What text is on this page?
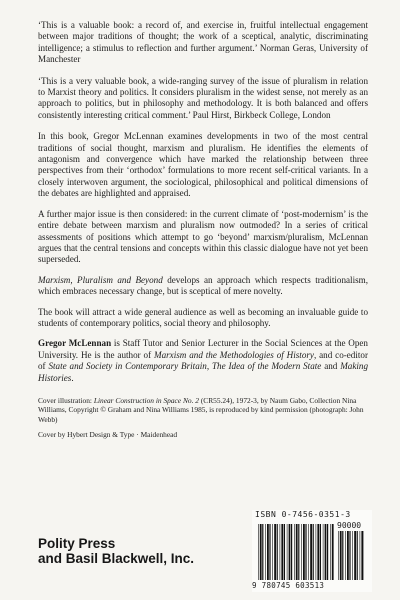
‘This is a valuable book: a record of, and exercise in, fruitful intellectual engagement between major traditions of thought; the work of a sceptical, analytic, discriminating intelligence; a stimulus to reflection and further argument.’ Norman Geras, University of Manchester

‘This is a very valuable book, a wide-ranging survey of the issue of pluralism in relation to Marxist theory and politics. It considers pluralism in the widest sense, not merely as an approach to politics, but in philosophy and methodology. It is both balanced and offers consistently interesting critical comment.’ Paul Hirst, Birkbeck College, London

In this book, Gregor McLennan examines developments in two of the most central traditions of social thought, marxism and pluralism. He identifies the elements of antagonism and convergence which have marked the relationship between three perspectives from their ‘orthodox’ formulations to more recent self-critical variants. In a closely interwoven argument, the sociological, philosophical and political dimensions of the debates are highlighted and appraised.

A further major issue is then considered: in the current climate of ‘post-modernism’ is the entire debate between marxism and pluralism now outmoded? In a series of critical assessments of positions which attempt to go ‘beyond’ marxism/pluralism, McLennan argues that the central tensions and concepts within this classic dialogue have not yet been superseded.

Marxism, Pluralism and Beyond develops an approach which respects traditionalism, which embraces necessary change, but is sceptical of mere novelty.

The book will attract a wide general audience as well as becoming an invaluable guide to students of contemporary politics, social theory and philosophy.

Gregor McLennan is Staff Tutor and Senior Lecturer in the Social Sciences at the Open University. He is the author of Marxism and the Methodologies of History, and co-editor of State and Society in Contemporary Britain, The Idea of the Modern State and Making Histories.

Cover illustration: Linear Construction in Space No. 2 (CR55.24), 1972-3, by Naum Gabo, Collection Nina Williams, Copyright © Graham and Nina Williams 1985, is reproduced by kind permission (photograph: John Webb)

Cover by Hybert Design & Type · Maidenhead

Polity Press
and Basil Blackwell, Inc.
ISBN 0-7456-0351-3
90000
9 780745 603513
